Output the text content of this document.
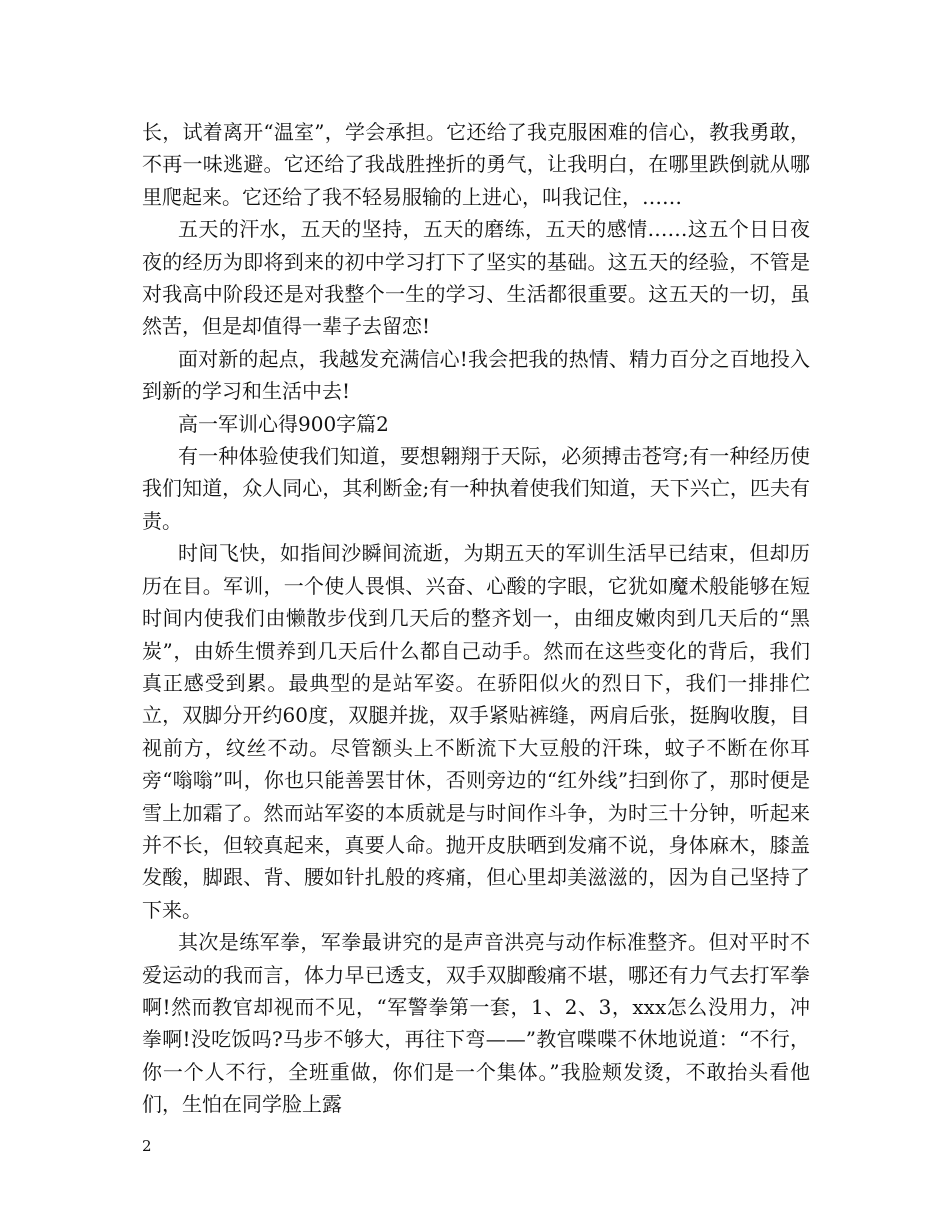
长，试着离开“温室”，学会承担。它还给了我克服困难的信心，教我勇敢，不再一味逃避。它还给了我战胜挫折的勇气，让我明白，在哪里跌倒就从哪里爬起来。它还给了我不轻易服输的上进心，叫我记住，……

五天的汗水，五天的坚持，五天的磨练，五天的感情……这五个日日夜夜的经历为即将到来的初中学习打下了坚实的基础。这五天的经验，不管是对我高中阶段还是对我整个一生的学习、生活都很重要。这五天的一切，虽然苦，但是却值得一辈子去留恋!

面对新的起点，我越发充满信心!我会把我的热情、精力百分之百地投入到新的学习和生活中去!

高一军训心得900字篇2

有一种体验使我们知道，要想翱翔于天际，必须搏击苍穹;有一种经历使我们知道，众人同心，其利断金;有一种执着使我们知道，天下兴亡，匹夫有责。

时间飞快，如指间沙瞬间流逝，为期五天的军训生活早已结束，但却历历在目。军训，一个使人畏惧、兴奋、心酸的字眼，它犹如魔术般能够在短时间内使我们由懒散步伐到几天后的整齐划一，由细皮嫩肉到几天后的“黑炭”，由娇生惯养到几天后什么都自己动手。然而在这些变化的背后，我们真正感受到累。最典型的是站军姿。在骄阳似火的烈日下，我们一排排伫立，双脚分开约60度，双腿并拢，双手紧贴裤缝，两肩后张，挺胸收腹，目视前方，纹丝不动。尽管额头上不断流下大豆般的汗珠，蚊子不断在你耳旁“嗡嗡”叫，你也只能善罢甘休，否则旁边的“红外线”扫到你了，那时便是雪上加霜了。然而站军姿的本质就是与时间作斗争，为时三十分钟，听起来并不长，但较真起来，真要人命。抛开皮肤晒到发痛不说，身体麻木，膝盖发酸，脚跟、背、腰如针扎般的疼痛，但心里却美滋滋的，因为自己坚持了下来。

其次是练军拳，军拳最讲究的是声音洪亮与动作标准整齐。但对平时不爱运动的我而言，体力早已透支，双手双脚酸痛不堪，哪还有力气去打军拳啊!然而教官却视而不见，“军警拳第一套，1、2、3，xxx怎么没用力，冲拳啊!没吃饭吗?马步不够大，再往下弯——”教官喋喋不休地说道：“不行，你一个人不行，全班重做，你们是一个集体。”我脸颊发烫，不敢抬头看他们，生怕在同学脸上露

2
